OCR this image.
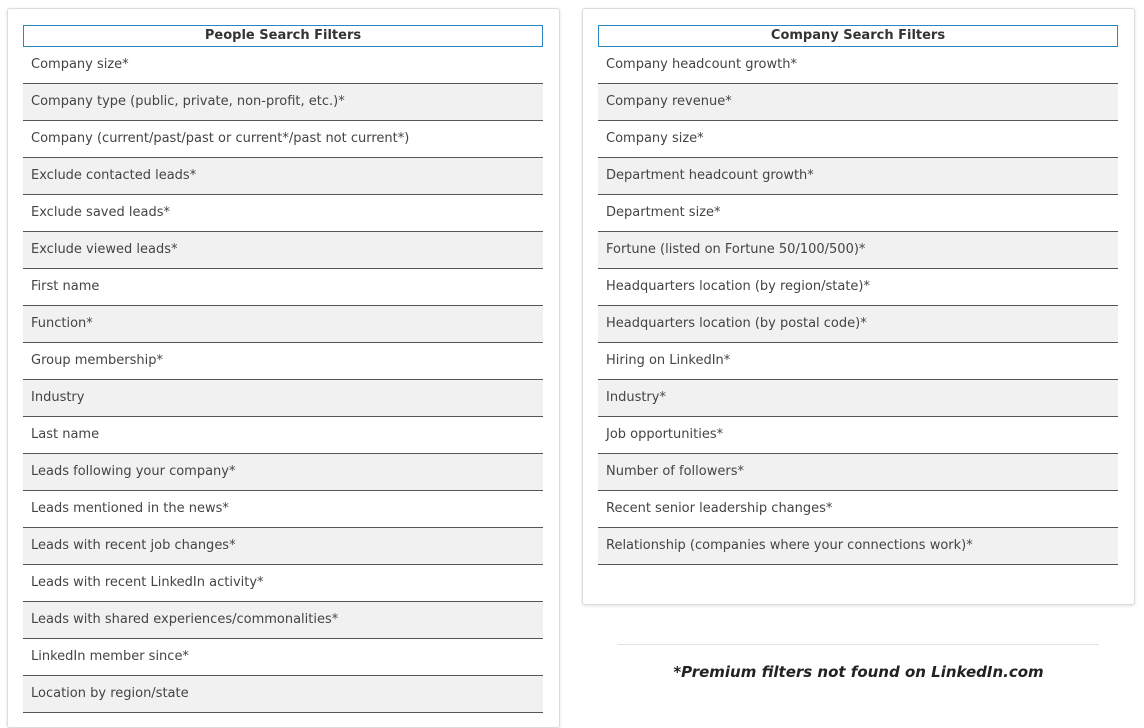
People Search Filters
Company size*
Company type (public, private, non-profit, etc.)*
Company (current/past/past or current*/past not current*)
Exclude contacted leads*
Exclude saved leads*
Exclude viewed leads*
First name
Function*
Group membership*
Industry
Last name
Leads following your company*
Leads mentioned in the news*
Leads with recent job changes*
Leads with recent LinkedIn activity*
Leads with shared experiences/commonalities*
LinkedIn member since*
Location by region/state
Company Search Filters
Company headcount growth*
Company revenue*
Company size*
Department headcount growth*
Department size*
Fortune (listed on Fortune 50/100/500)*
Headquarters location (by region/state)*
Headquarters location (by postal code)*
Hiring on LinkedIn*
Industry*
Job opportunities*
Number of followers*
Recent senior leadership changes*
Relationship (companies where your connections work)*
*Premium filters not found on LinkedIn.com
